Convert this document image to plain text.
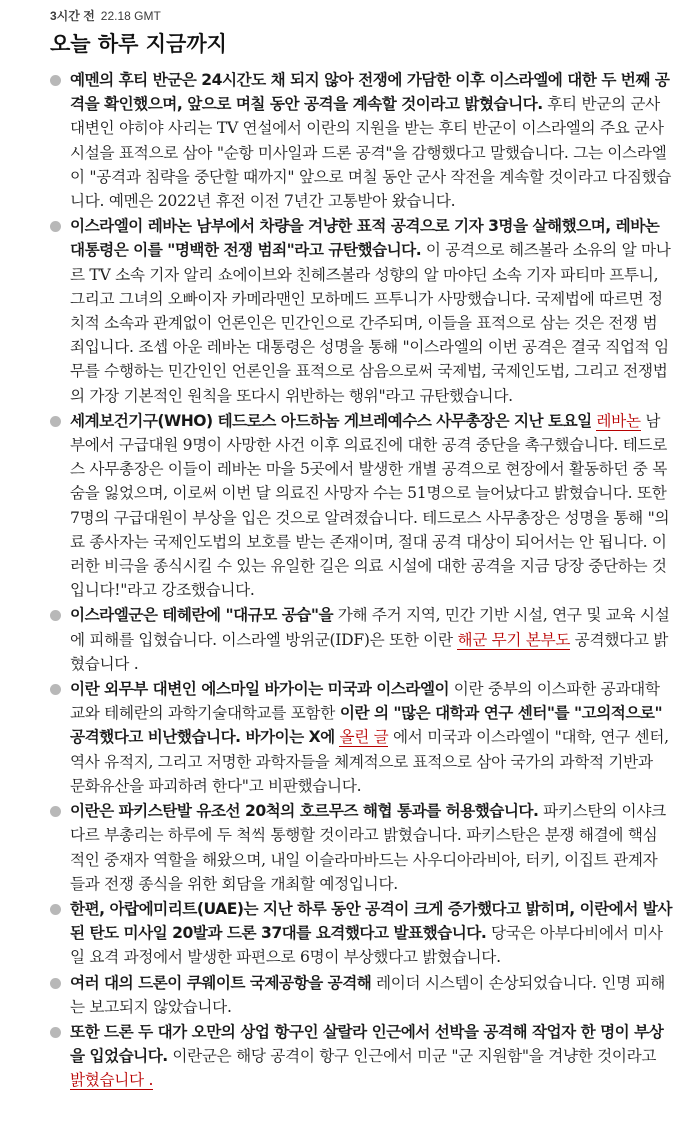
3시간 전 22.18 GMT
오늘 하루 지금까지
예멘의 후티 반군은 24시간도 채 되지 않아 전쟁에 가담한 이후 이스라엘에 대한 두 번째 공격을 확인했으며, 앞으로 며칠 동안 공격을 계속할 것이라고 밝혔습니다. 후티 반군의 군사 대변인 야히야 사리는 TV 연설에서 이란의 지원을 받는 후티 반군이 이스라엘의 주요 군사 시설을 표적으로 삼아 "순항 미사일과 드론 공격"을 감행했다고 말했습니다. 그는 이스라엘이 "공격과 침략을 중단할 때까지" 앞으로 며칠 동안 군사 작전을 계속할 것이라고 다짐했습니다. 예멘은 2022년 휴전 이전 7년간 고통받아 왔습니다.
이스라엘이 레바논 남부에서 차량을 겨냥한 표적 공격으로 기자 3명을 살해했으며, 레바논 대통령은 이를 "명백한 전쟁 범죄"라고 규탄했습니다. 이 공격으로 헤즈볼라 소유의 알 마나르 TV 소속 기자 알리 쇼에이브와 친헤즈볼라 성향의 알 마야딘 소속 기자 파티마 프투니, 그리고 그녀의 오빠이자 카메라맨인 모하메드 프투니가 사망했습니다. 국제법에 따르면 정치적 소속과 관계없이 언론인은 민간인으로 간주되며, 이들을 표적으로 삼는 것은 전쟁 범죄입니다. 조셉 아운 레바논 대통령은 성명을 통해 "이스라엘의 이번 공격은 결국 직업적 임무를 수행하는 민간인인 언론인을 표적으로 삼음으로써 국제법, 국제인도법, 그리고 전쟁법의 가장 기본적인 원칙을 또다시 위반하는 행위"라고 규탄했습니다.
세계보건기구(WHO) 테드로스 아드하놈 게브레예수스 사무총장은 지난 토요일 레바논 남부에서 구급대원 9명이 사망한 사건 이후 의료진에 대한 공격 중단을 촉구했습니다. 테드로스 사무총장은 이들이 레바논 마을 5곳에서 발생한 개별 공격으로 현장에서 활동하던 중 목숨을 잃었으며, 이로써 이번 달 의료진 사망자 수는 51명으로 늘어났다고 밝혔습니다. 또한 7명의 구급대원이 부상을 입은 것으로 알려졌습니다. 테드로스 사무총장은 성명을 통해 "의료 종사자는 국제인도법의 보호를 받는 존재이며, 절대 공격 대상이 되어서는 안 됩니다. 이러한 비극을 종식시킬 수 있는 유일한 길은 의료 시설에 대한 공격을 지금 당장 중단하는 것입니다!"라고 강조했습니다.
이스라엘군은 테헤란에 "대규모 공습"을 가해 주거 지역, 민간 기반 시설, 연구 및 교육 시설에 피해를 입혔습니다. 이스라엘 방위군(IDF)은 또한 이란 해군 무기 본부도 공격했다고 밝혔습니다 .
이란 외무부 대변인 에스마일 바가이는 미국과 이스라엘이 이란 중부의 이스파한 공과대학교와 테헤란의 과학기술대학교를 포함한 이란 의 "많은 대학과 연구 센터"를 "고의적으로" 공격했다고 비난했습니다. 바가이는 X에 올린 글 에서 미국과 이스라엘이 "대학, 연구 센터, 역사 유적지, 그리고 저명한 과학자들을 체계적으로 표적으로 삼아 국가의 과학적 기반과 문화유산을 파괴하려 한다"고 비판했습니다.
이란은 파키스탄발 유조선 20척의 호르무즈 해협 통과를 허용했습니다. 파키스탄의 이샤크 다르 부총리는 하루에 두 척씩 통행할 것이라고 밝혔습니다. 파키스탄은 분쟁 해결에 핵심적인 중재자 역할을 해왔으며, 내일 이슬라마바드는 사우디아라비아, 터키, 이집트 관계자들과 전쟁 종식을 위한 회담을 개최할 예정입니다.
한편, 아랍에미리트(UAE)는 지난 하루 동안 공격이 크게 증가했다고 밝히며, 이란에서 발사된 탄도 미사일 20발과 드론 37대를 요격했다고 발표했습니다. 당국은 아부다비에서 미사일 요격 과정에서 발생한 파편으로 6명이 부상했다고 밝혔습니다.
여러 대의 드론이 쿠웨이트 국제공항을 공격해 레이더 시스템이 손상되었습니다. 인명 피해는 보고되지 않았습니다.
또한 드론 두 대가 오만의 상업 항구인 살랄라 인근에서 선박을 공격해 작업자 한 명이 부상을 입었습니다. 이란군은 해당 공격이 항구 인근에서 미군 "군 지원함"을 겨냥한 것이라고 밝혔습니다 .
